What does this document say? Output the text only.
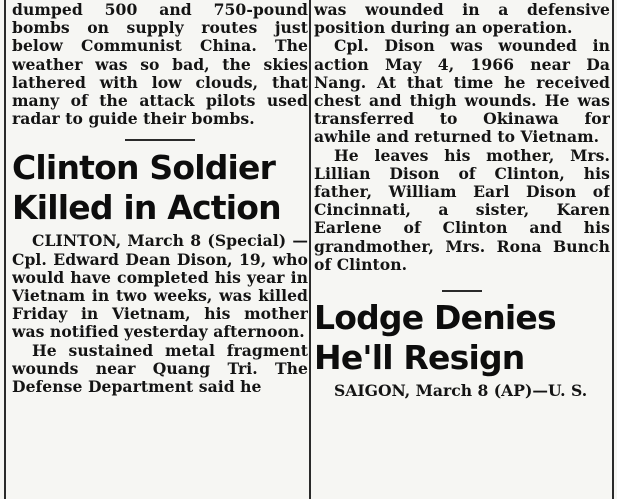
dumped 500 and 750-pound bombs on supply routes just below Communist China. The weather was so bad, the skies lathered with low clouds, that many of the attack pilots used radar to guide their bombs.

Clinton Soldier
Killed in Action

CLINTON, March 8 (Special) —Cpl. Edward Dean Dison, 19, who would have completed his year in Vietnam in two weeks, was killed Friday in Vietnam, his mother was notified yesterday afternoon.

He sustained metal fragment wounds near Quang Tri. The Defense Department said he

was wounded in a defensive position during an operation.

Cpl. Dison was wounded in action May 4, 1966 near Da Nang. At that time he received chest and thigh wounds. He was transferred to Okinawa for awhile and returned to Vietnam.

He leaves his mother, Mrs. Lillian Dison of Clinton, his father, William Earl Dison of Cincinnati, a sister, Karen Earlene of Clinton and his grandmother, Mrs. Rona Bunch of Clinton.

Lodge Denies
He'll Resign

SAIGON, March 8 (AP)—U. S.
